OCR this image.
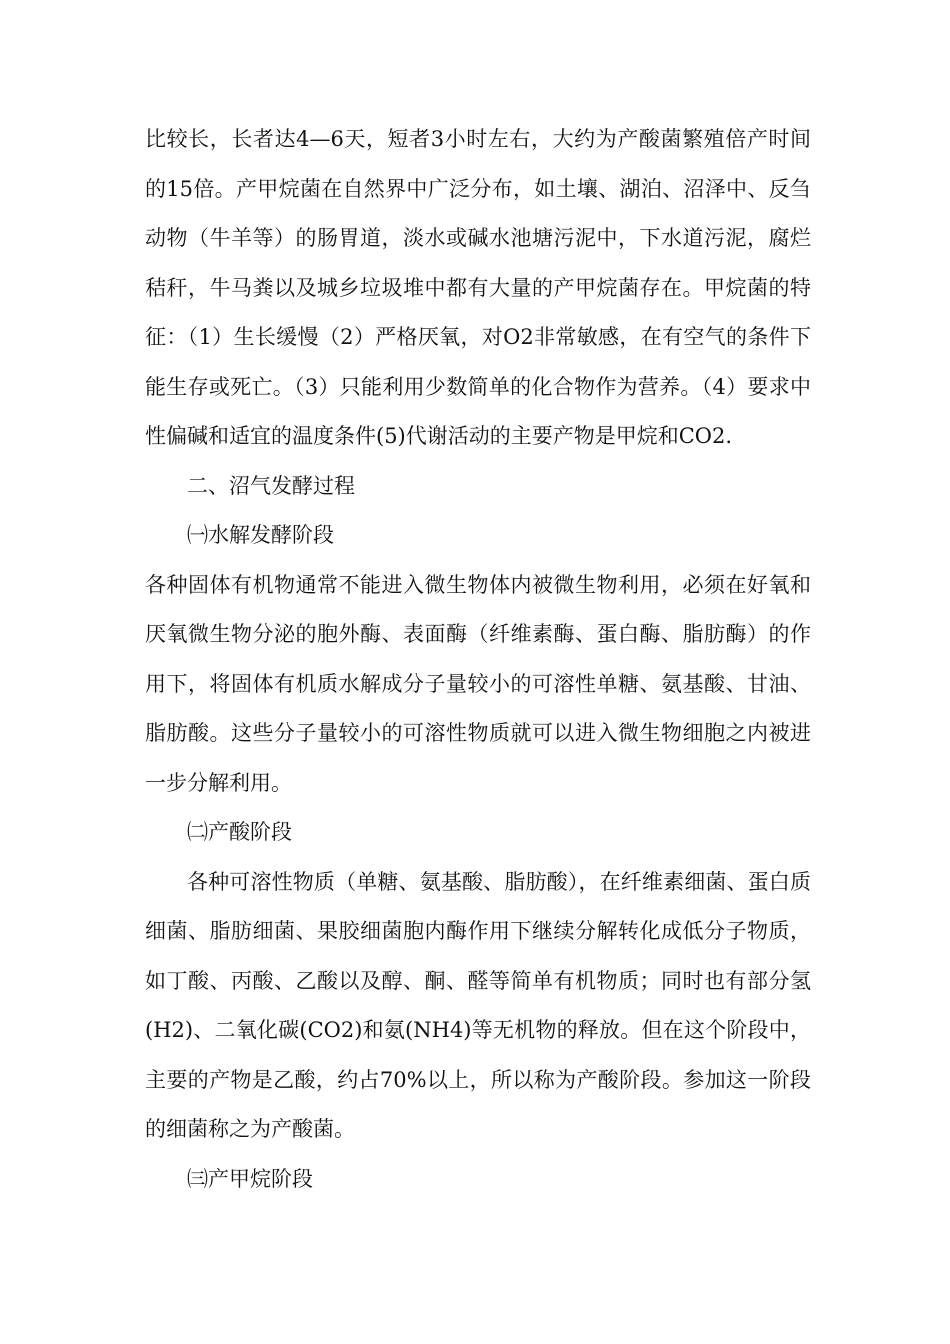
比较长，长者达4—6天，短者3小时左右，大约为产酸菌繁殖倍产时间的15倍。产甲烷菌在自然界中广泛分布，如土壤、湖泊、沼泽中、反刍动物（牛羊等）的肠胃道，淡水或碱水池塘污泥中，下水道污泥，腐烂秸秆，牛马粪以及城乡垃圾堆中都有大量的产甲烷菌存在。甲烷菌的特征：（1）生长缓慢（2）严格厌氧，对O2非常敏感，在有空气的条件下能生存或死亡。（3）只能利用少数简单的化合物作为营养。（4）要求中性偏碱和适宜的温度条件(5)代谢活动的主要产物是甲烷和CO2.

二、沼气发酵过程

㈠水解发酵阶段

各种固体有机物通常不能进入微生物体内被微生物利用，必须在好氧和厌氧微生物分泌的胞外酶、表面酶（纤维素酶、蛋白酶、脂肪酶）的作用下，将固体有机质水解成分子量较小的可溶性单糖、氨基酸、甘油、脂肪酸。这些分子量较小的可溶性物质就可以进入微生物细胞之内被进一步分解利用。

㈡产酸阶段

各种可溶性物质（单糖、氨基酸、脂肪酸），在纤维素细菌、蛋白质细菌、脂肪细菌、果胶细菌胞内酶作用下继续分解转化成低分子物质，如丁酸、丙酸、乙酸以及醇、酮、醛等简单有机物质；同时也有部分氢(H2)、二氧化碳(CO2)和氨(NH4)等无机物的释放。但在这个阶段中，主要的产物是乙酸，约占70%以上，所以称为产酸阶段。参加这一阶段的细菌称之为产酸菌。

㈢产甲烷阶段
